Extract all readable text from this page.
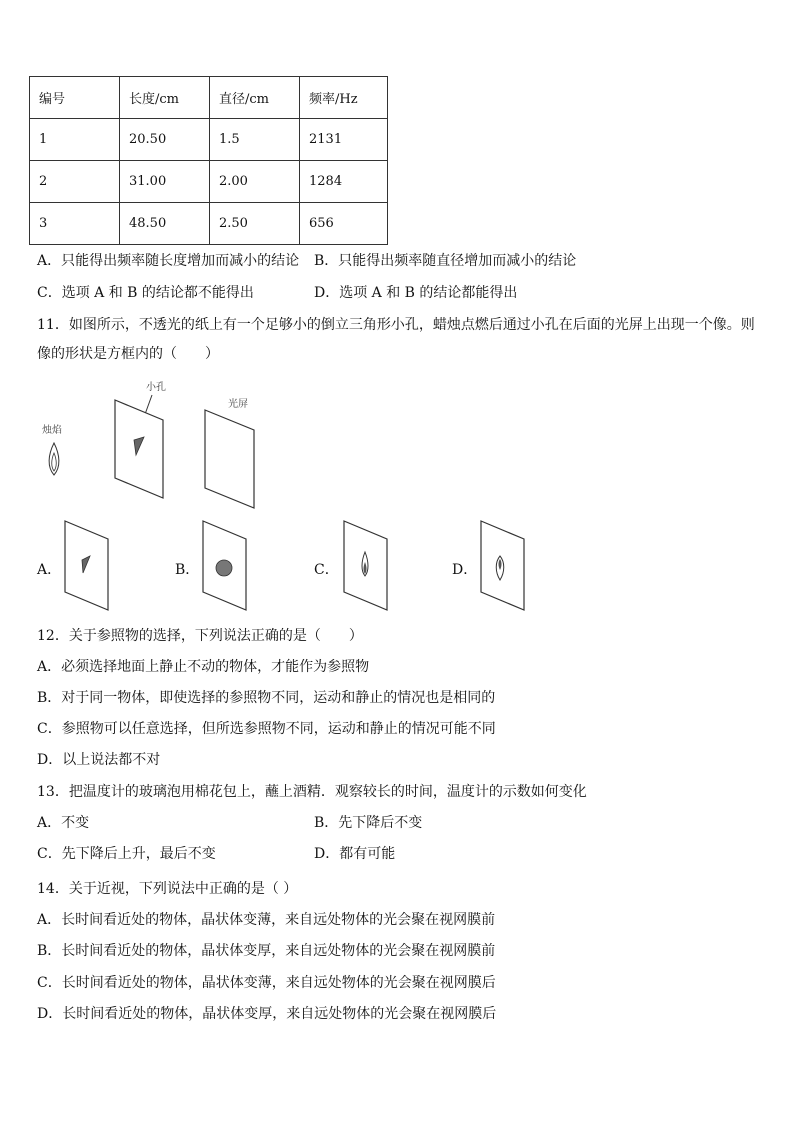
编号	长度/cm	直径/cm	频率/Hz
1	20.50	1.5	2131
2	31.00	2.00	1284
3	48.50	2.50	656
A．只能得出频率随长度增加而减小的结论 B．只能得出频率随直径增加而减小的结论
C．选项 A 和 B 的结论都不能得出	D．选项 A 和 B 的结论都能得出
11．如图所示，不透光的纸上有一个足够小的倒立三角形小孔，蜡烛点燃后通过小孔在后面的光屏上出现一个像。则
像的形状是方框内的（　　）
烛焰
小孔
光屏
A．	B．	C．	D．
12．关于参照物的选择，下列说法正确的是（　　）
A．必须选择地面上静止不动的物体，才能作为参照物
B．对于同一物体，即使选择的参照物不同，运动和静止的情况也是相同的
C．参照物可以任意选择，但所选参照物不同，运动和静止的情况可能不同
D．以上说法都不对
13．把温度计的玻璃泡用棉花包上，蘸上酒精．观察较长的时间，温度计的示数如何变化
A．不变	B．先下降后不变
C．先下降后上升，最后不变	D．都有可能
14．关于近视，下列说法中正确的是（ ）
A．长时间看近处的物体，晶状体变薄，来自远处物体的光会聚在视网膜前
B．长时间看近处的物体，晶状体变厚，来自远处物体的光会聚在视网膜前
C．长时间看近处的物体，晶状体变薄，来自远处物体的光会聚在视网膜后
D．长时间看近处的物体，晶状体变厚，来自远处物体的光会聚在视网膜后
